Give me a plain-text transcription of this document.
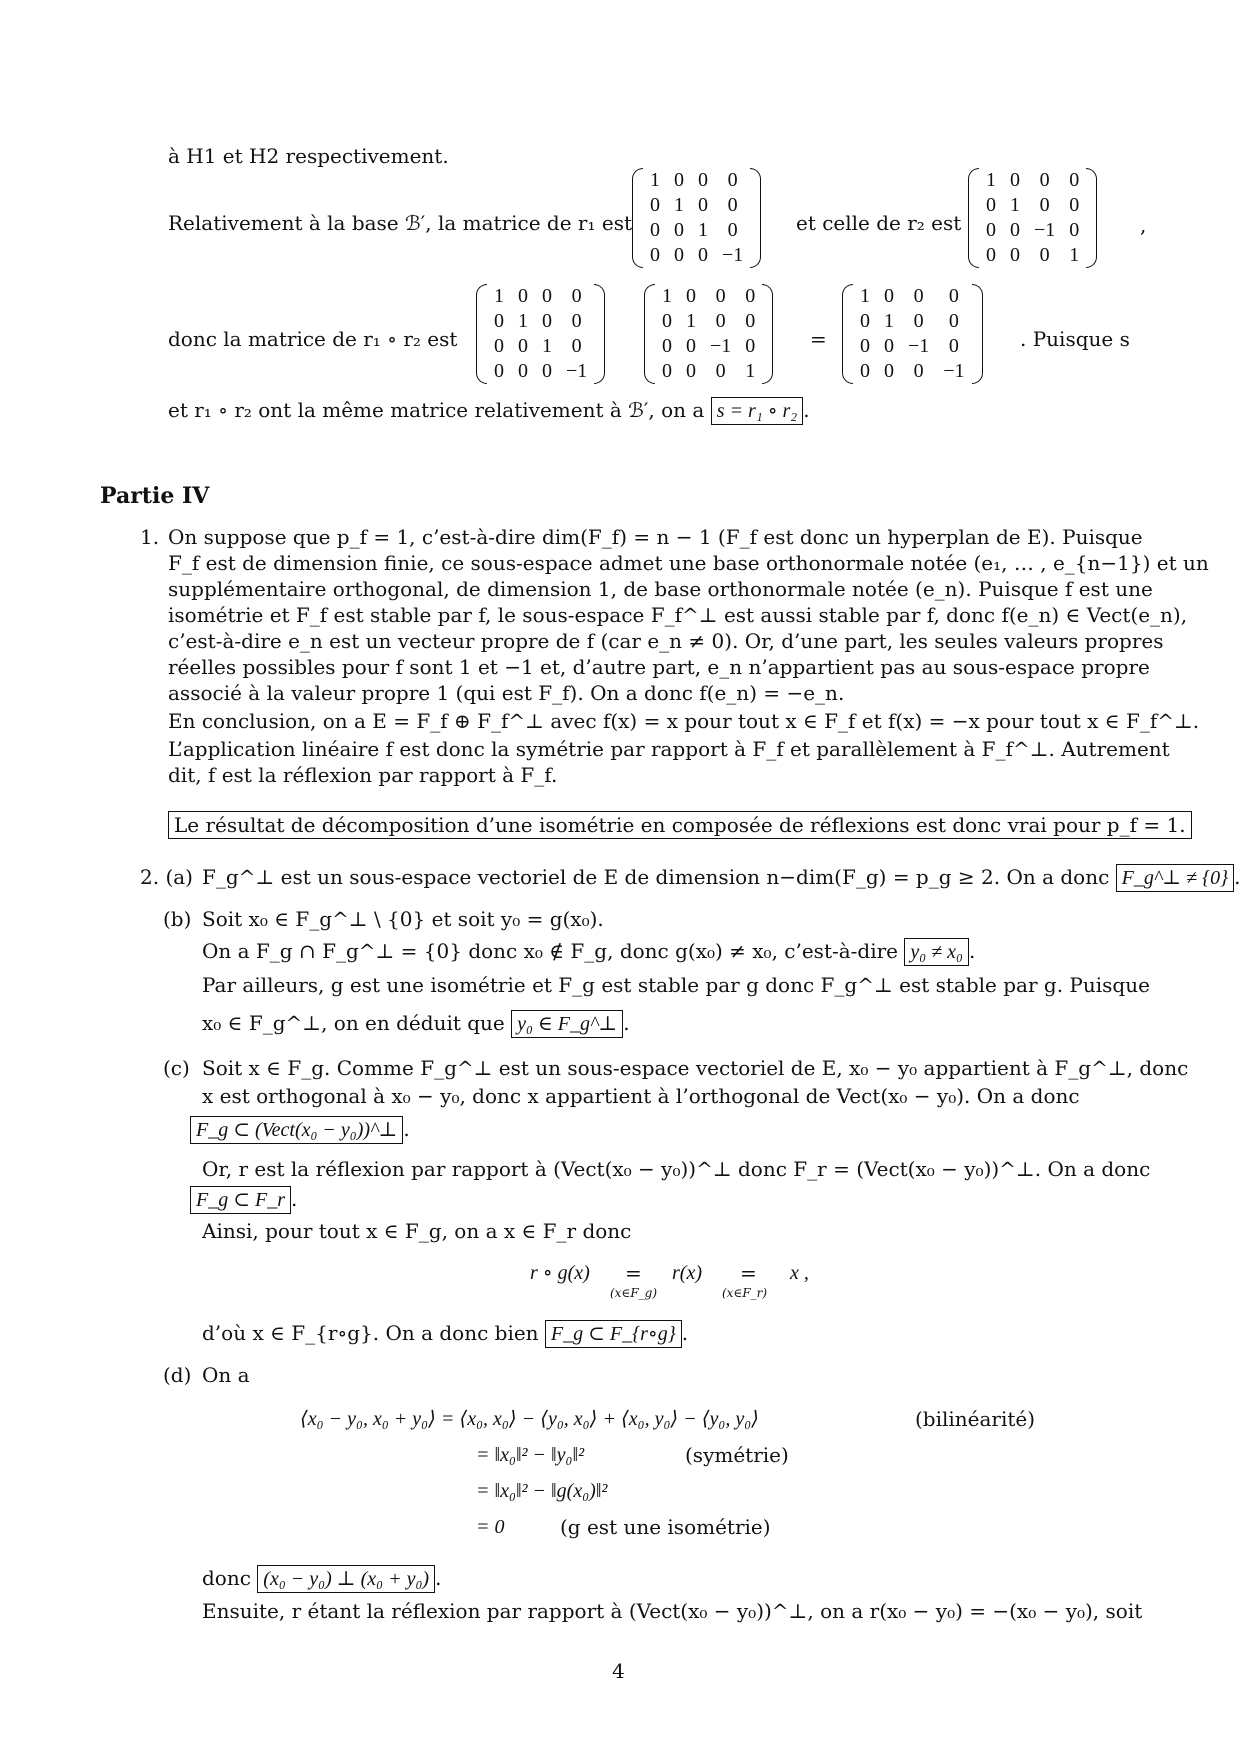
à H1 et H2 respectivement.
Relativement à la base ℬ′, la matrice de r₁ est
1	0	0	0
0	1	0	0
0	0	1	0
0	0	0	−1
et celle de r₂ est
1	0	0	0
0	1	0	0
0	0	−1	0
0	0	0	1
,
donc la matrice de r₁ ∘ r₂ est
1	0	0	0
0	1	0	0
0	0	1	0
0	0	0	−1
1	0	0	0
0	1	0	0
0	0	−1	0
0	0	0	1
=
1	0	0	0
0	1	0	0
0	0	−1	0
0	0	0	−1
. Puisque s
et r₁ ∘ r₂ ont la même matrice relativement à ℬ′, on a s = r₁ ∘ r₂ .
Partie IV
1. On suppose que p_f = 1, c’est-à-dire dim(F_f) = n − 1 (F_f est donc un hyperplan de E). Puisque
F_f est de dimension finie, ce sous-espace admet une base orthonormale notée (e₁, … , e_{n−1}) et un
supplémentaire orthogonal, de dimension 1, de base orthonormale notée (e_n). Puisque f est une
isométrie et F_f est stable par f, le sous-espace F_f^⊥ est aussi stable par f, donc f(e_n) ∈ Vect(e_n),
c’est-à-dire e_n est un vecteur propre de f (car e_n ≠ 0). Or, d’une part, les seules valeurs propres
réelles possibles pour f sont 1 et −1 et, d’autre part, e_n n’appartient pas au sous-espace propre
associé à la valeur propre 1 (qui est F_f). On a donc f(e_n) = −e_n.
En conclusion, on a E = F_f ⊕ F_f^⊥ avec f(x) = x pour tout x ∈ F_f et f(x) = −x pour tout x ∈ F_f^⊥.
L’application linéaire f est donc la symétrie par rapport à F_f et parallèlement à F_f^⊥. Autrement
dit, f est la réflexion par rapport à F_f.
Le résultat de décomposition d’une isométrie en composée de réflexions est donc vrai pour p_f = 1.
2. (a) F_g^⊥ est un sous-espace vectoriel de E de dimension n−dim(F_g) = p_g ≥ 2. On a donc F_g^⊥ ≠ {0} .
(b) Soit x₀ ∈ F_g^⊥ \ {0} et soit y₀ = g(x₀).
On a F_g ∩ F_g^⊥ = {0} donc x₀ ∉ F_g, donc g(x₀) ≠ x₀, c’est-à-dire y₀ ≠ x₀ .
Par ailleurs, g est une isométrie et F_g est stable par g donc F_g^⊥ est stable par g. Puisque
x₀ ∈ F_g^⊥, on en déduit que y₀ ∈ F_g^⊥ .
(c) Soit x ∈ F_g. Comme F_g^⊥ est un sous-espace vectoriel de E, x₀ − y₀ appartient à F_g^⊥, donc
x est orthogonal à x₀ − y₀, donc x appartient à l’orthogonal de Vect(x₀ − y₀). On a donc
F_g ⊂ (Vect(x₀ − y₀))^⊥ .
Or, r est la réflexion par rapport à (Vect(x₀ − y₀))^⊥ donc F_r = (Vect(x₀ − y₀))^⊥. On a donc
F_g ⊂ F_r .
Ainsi, pour tout x ∈ F_g, on a x ∈ F_r donc
r ∘ g(x) =
(x∈F_g)
r(x) =
(x∈F_r)
x ,
d’où x ∈ F_{r∘g}. On a donc bien F_g ⊂ F_{r∘g} .
(d) On a
⟨x₀ − y₀, x₀ + y₀⟩ = ⟨x₀, x₀⟩ − ⟨y₀, x₀⟩ + ⟨x₀, y₀⟩ − ⟨y₀, y₀⟩	(bilinéarité)
= ‖x₀‖² − ‖y₀‖²	(symétrie)
= ‖x₀‖² − ‖g(x₀)‖²
= 0	(g est une isométrie)
donc (x₀ − y₀) ⊥ (x₀ + y₀) .
Ensuite, r étant la réflexion par rapport à (Vect(x₀ − y₀))^⊥, on a r(x₀ − y₀) = −(x₀ − y₀), soit
4
